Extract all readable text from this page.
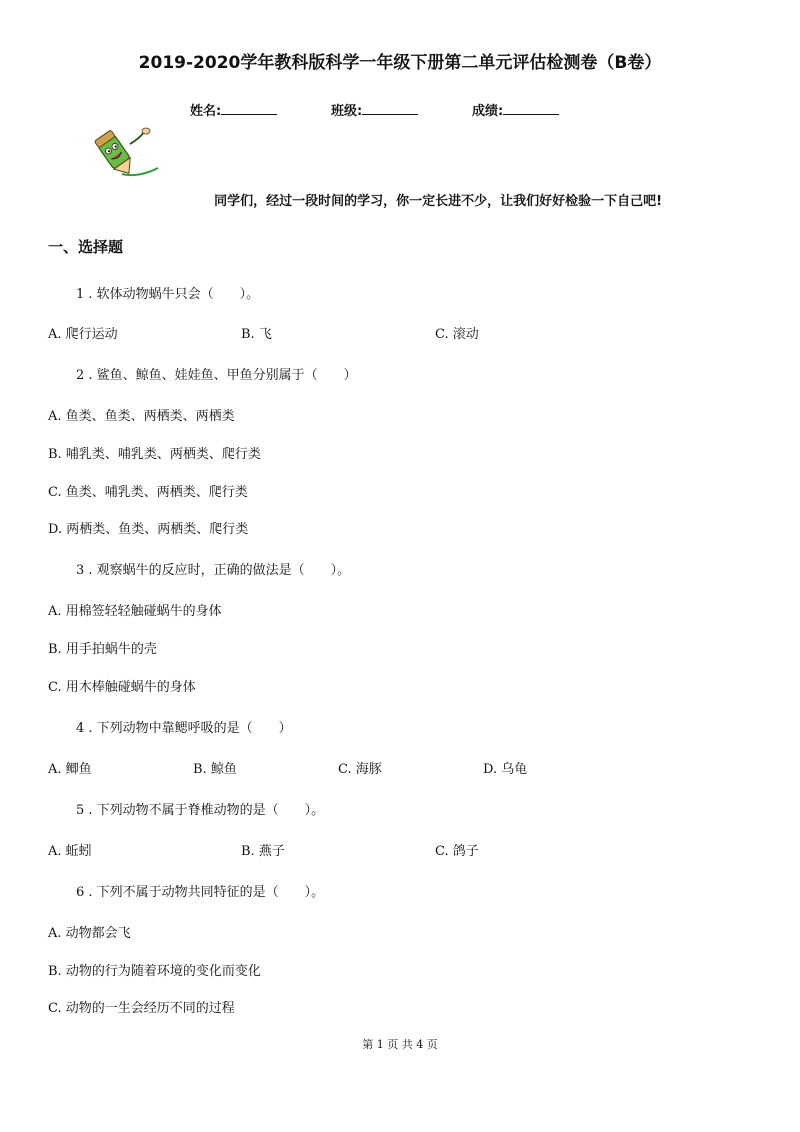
2019-2020学年教科版科学一年级下册第二单元评估检测卷（B卷）
姓名:	班级:	成绩:
同学们，经过一段时间的学习，你一定长进不少，让我们好好检验一下自己吧!
一、选择题
1 . 软体动物蜗牛只会（　　）。
A. 爬行运动	B. 飞	C. 滚动
2 . 鲨鱼、鲸鱼、娃娃鱼、甲鱼分别属于（　　）
A. 鱼类、鱼类、两栖类、两栖类
B. 哺乳类、哺乳类、两栖类、爬行类
C. 鱼类、哺乳类、两栖类、爬行类
D. 两栖类、鱼类、两栖类、爬行类
3 . 观察蜗牛的反应时，正确的做法是（　　）。
A. 用棉签轻轻触碰蜗牛的身体
B. 用手拍蜗牛的壳
C. 用木棒触碰蜗牛的身体
4 . 下列动物中靠鳃呼吸的是（　　）
A. 鲫鱼	B. 鲸鱼	C. 海豚	D. 乌龟
5 . 下列动物不属于脊椎动物的是（　　）。
A. 蚯蚓	B. 燕子	C. 鸽子
6 . 下列不属于动物共同特征的是（　　）。
A. 动物都会飞
B. 动物的行为随着环境的变化而变化
C. 动物的一生会经历不同的过程
第 1 页 共 4 页
